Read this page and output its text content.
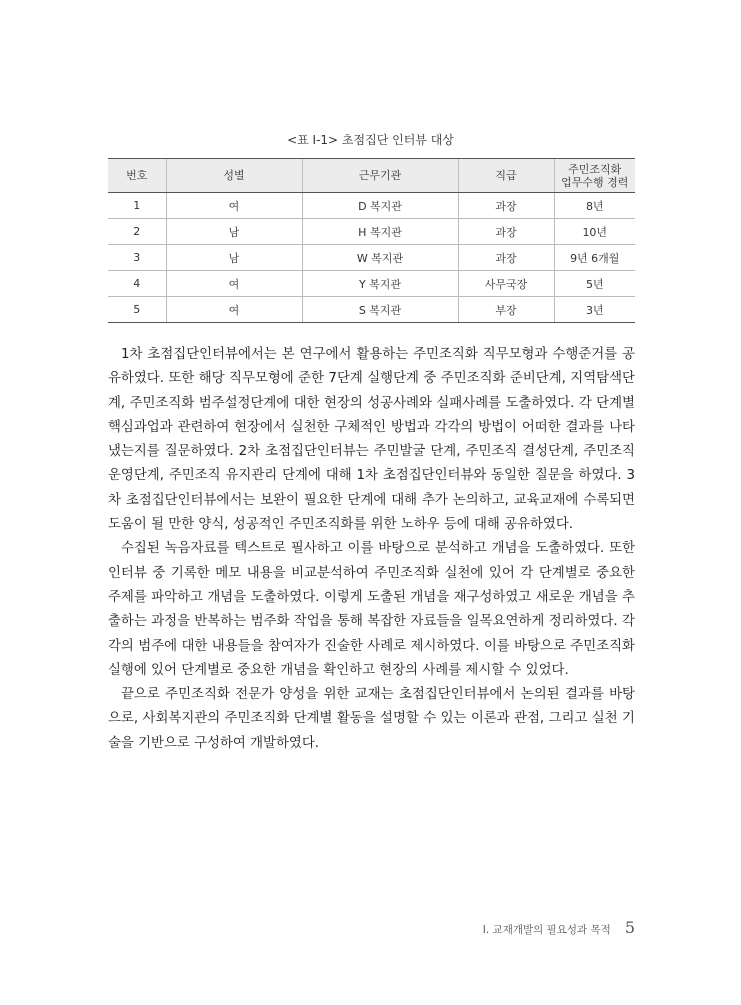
<표 Ⅰ-1> 초점집단 인터뷰 대상
번호	성별	근무기관	직급	주민조직화
업무수행 경력
1	여	D 복지관	과장	8년
2	남	H 복지관	과장	10년
3	남	W 복지관	과장	9년 6개월
4	여	Y 복지관	사무국장	5년
5	여	S 복지관	부장	3년

1차 초점집단인터뷰에서는 본 연구에서 활용하는 주민조직화 직무모형과 수행준거를 공유하였다. 또한 해당 직무모형에 준한 7단계 실행단계 중 주민조직화 준비단계, 지역탐색단계, 주민조직화 범주설정단계에 대한 현장의 성공사례와 실패사례를 도출하였다. 각 단계별 핵심과업과 관련하여 현장에서 실천한 구체적인 방법과 각각의 방법이 어떠한 결과를 나타냈는지를 질문하였다. 2차 초점집단인터뷰는 주민발굴 단계, 주민조직 결성단계, 주민조직 운영단계, 주민조직 유지관리 단계에 대해 1차 초점집단인터뷰와 동일한 질문을 하였다. 3차 초점집단인터뷰에서는 보완이 필요한 단계에 대해 추가 논의하고, 교육교재에 수록되면 도움이 될 만한 양식, 성공적인 주민조직화를 위한 노하우 등에 대해 공유하였다.

수집된 녹음자료를 텍스트로 필사하고 이를 바탕으로 분석하고 개념을 도출하였다. 또한 인터뷰 중 기록한 메모 내용을 비교분석하여 주민조직화 실천에 있어 각 단계별로 중요한 주제를 파악하고 개념을 도출하였다. 이렇게 도출된 개념을 재구성하였고 새로운 개념을 추출하는 과정을 반복하는 범주화 작업을 통해 복잡한 자료들을 일목요연하게 정리하였다. 각각의 범주에 대한 내용들을 참여자가 진술한 사례로 제시하였다. 이를 바탕으로 주민조직화 실행에 있어 단계별로 중요한 개념을 확인하고 현장의 사례를 제시할 수 있었다.

끝으로 주민조직화 전문가 양성을 위한 교재는 초점집단인터뷰에서 논의된 결과를 바탕으로, 사회복지관의 주민조직화 단계별 활동을 설명할 수 있는 이론과 관점, 그리고 실천 기술을 기반으로 구성하여 개발하였다.

Ⅰ. 교재개발의 필요성과 목적 5
